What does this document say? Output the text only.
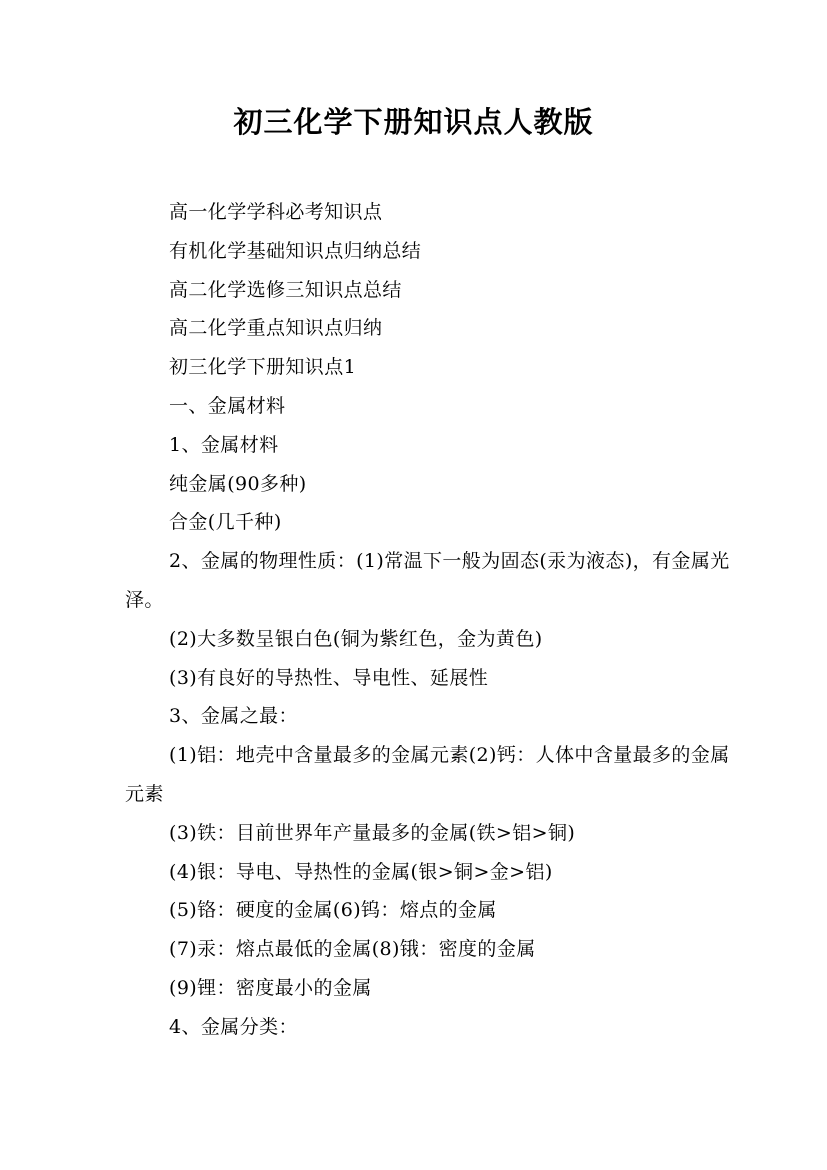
初三化学下册知识点人教版

高一化学学科必考知识点

有机化学基础知识点归纳总结

高二化学选修三知识点总结

高二化学重点知识点归纳

初三化学下册知识点1

一、金属材料

1、金属材料

纯金属(90多种)

合金(几千种)

2、金属的物理性质：(1)常温下一般为固态(汞为液态)，有金属光泽。

(2)大多数呈银白色(铜为紫红色，金为黄色)

(3)有良好的导热性、导电性、延展性

3、金属之最：

(1)铝：地壳中含量最多的金属元素(2)钙：人体中含量最多的金属元素

(3)铁：目前世界年产量最多的金属(铁>铝>铜)

(4)银：导电、导热性的金属(银>铜>金>铝)

(5)铬：硬度的金属(6)钨：熔点的金属

(7)汞：熔点最低的金属(8)锇：密度的金属

(9)锂：密度最小的金属

4、金属分类：
